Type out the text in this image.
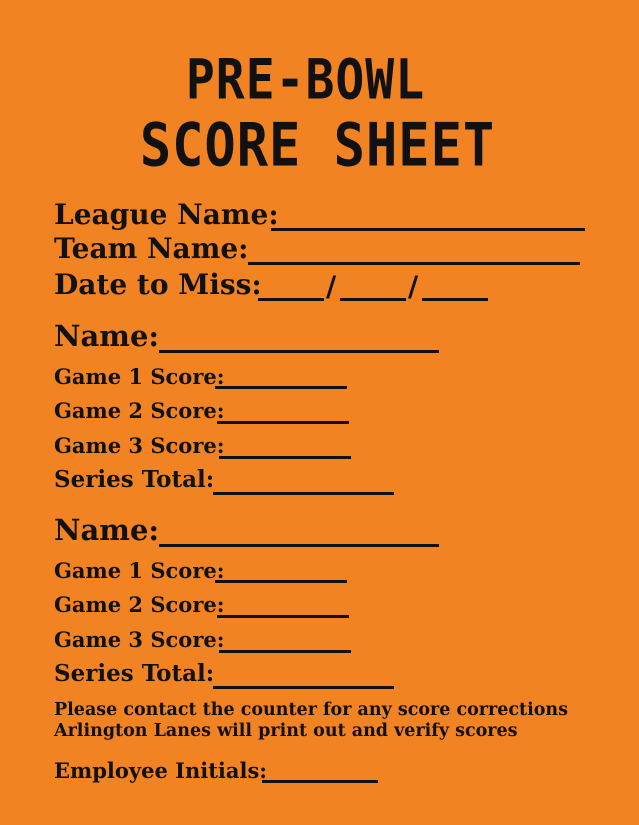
PRE-BOWL
SCORE SHEET
League Name:
Team Name:
Date to Miss: /	/
Name:
Game 1 Score:
Game 2 Score:
Game 3 Score:
Series Total:
Name:
Game 1 Score:
Game 2 Score:
Game 3 Score:
Series Total:
Please contact the counter for any score corrections
Arlington Lanes will print out and verify scores
Employee Initials:
